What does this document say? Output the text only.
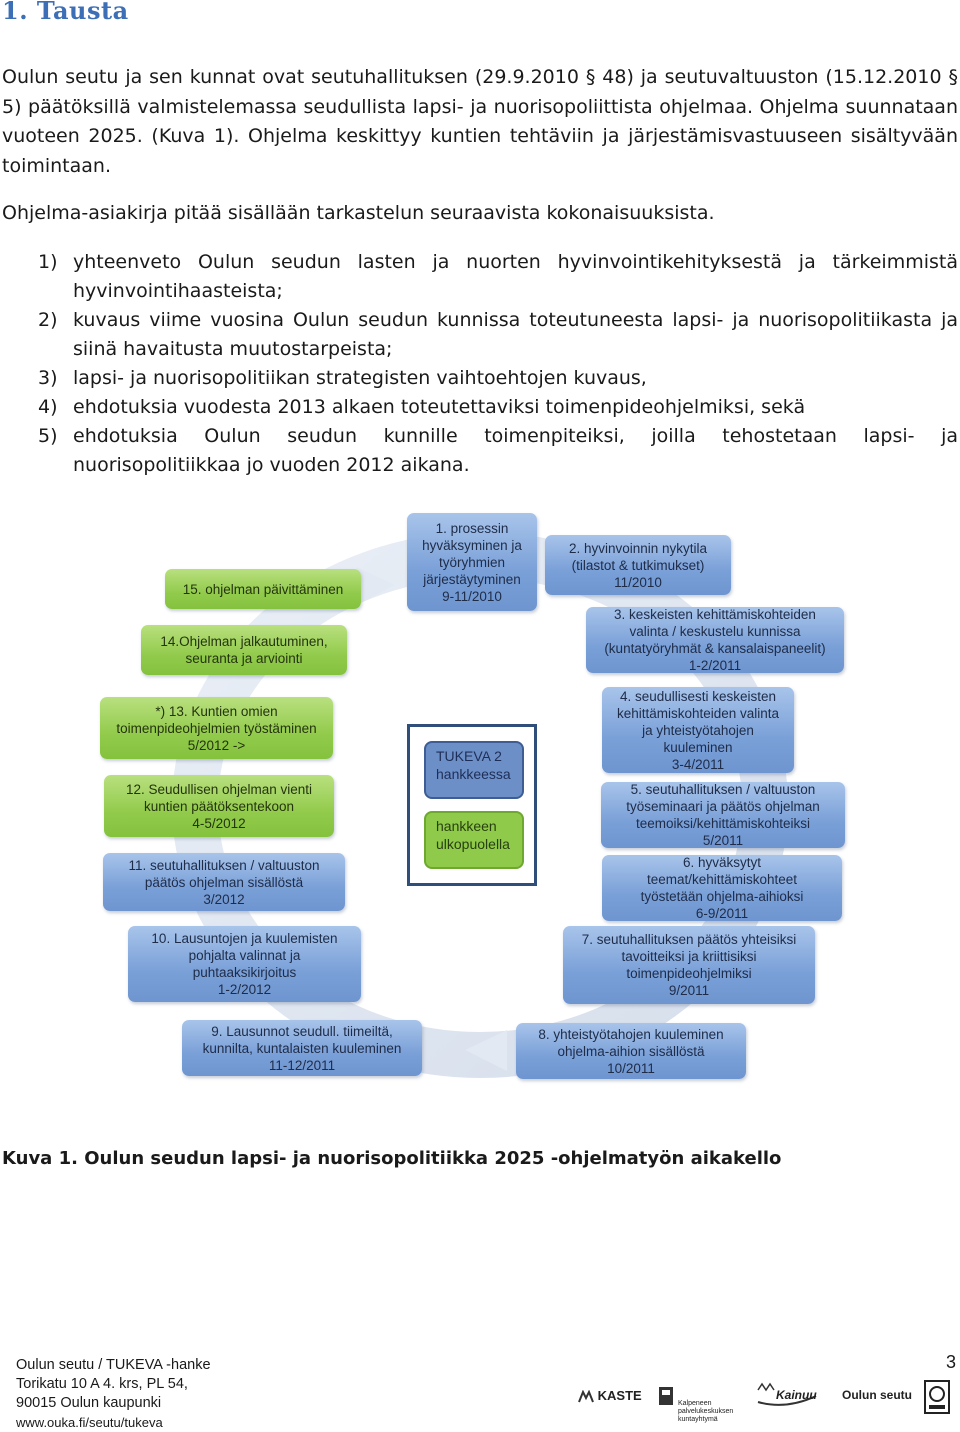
1. Tausta

Oulun seutu ja sen kunnat ovat seutuhallituksen (29.9.2010 § 48) ja seutuvaltuuston (15.12.2010 § 5) päätöksillä valmistelemassa seudullista lapsi- ja nuorisopoliittista ohjelmaa. Ohjelma suunnataan vuoteen 2025. (Kuva 1). Ohjelma keskittyy kuntien tehtäviin ja järjestämisvastuuseen sisältyvään toimintaan.

Ohjelma-asiakirja pitää sisällään tarkastelun seuraavista kokonaisuuksista.

1) yhteenveto Oulun seudun lasten ja nuorten hyvinvointikehityksestä ja tärkeimmistä hyvinvointihaasteista;
2) kuvaus viime vuosina Oulun seudun kunnissa toteutuneesta lapsi- ja nuorisopolitiikasta ja siinä havaitusta muutostarpeista;
3) lapsi- ja nuorisopolitiikan strategisten vaihtoehtojen kuvaus,
4) ehdotuksia vuodesta 2013 alkaen toteutettaviksi toimenpideohjelmiksi, sekä
5) ehdotuksia Oulun seudun kunnille toimenpiteiksi, joilla tehostetaan lapsi- ja nuorisopolitiikkaa jo vuoden 2012 aikana.
1. prosessin
hyväksyminen ja
työryhmien
järjestäytyminen
9-11/2010
2. hyvinvoinnin nykytila
(tilastot & tutkimukset)
11/2010
3. keskeisten kehittämiskohteiden
valinta / keskustelu kunnissa
(kuntatyöryhmät & kansalaispaneelit)
1-2/2011
4. seudullisesti keskeisten
kehittämiskohteiden valinta
ja yhteistyötahojen
kuuleminen
3-4/2011
5. seutuhallituksen / valtuuston
työseminaari ja päätös ohjelman
teemoiksi/kehittämiskohteiksi
5/2011
6. hyväksytyt
teemat/kehittämiskohteet
työstetään ohjelma-aihioksi
6-9/2011
7. seutuhallituksen päätös yhteisiksi
tavoitteiksi ja kriittisiksi
toimenpideohjelmiksi
9/2011
8. yhteistyötahojen kuuleminen
ohjelma-aihion sisällöstä
10/2011
9. Lausunnot seudull. tiimeiltä,
kunnilta, kuntalaisten kuuleminen
11-12/2011
10. Lausuntojen ja kuulemisten
pohjalta valinnat ja
puhtaaksikirjoitus
1-2/2012
11. seutuhallituksen / valtuuston
päätös ohjelman sisällöstä
3/2012
12. Seudullisen ohjelman vienti
kuntien päätöksentekoon
4-5/2012
*) 13. Kuntien omien
toimenpideohjelmien työstäminen
5/2012 ->
14.Ohjelman jalkautuminen,
seuranta ja arviointi
15. ohjelman päivittäminen
TUKEVA 2
hankkeessa
hankkeen
ulkopuolella

Kuva 1. Oulun seudun lapsi- ja nuorisopolitiikka 2025 -ohjelmatyön aikakello

Oulun seutu / TUKEVA -hanke
Torikatu 10 A 4. krs, PL 54,
90015 Oulun kaupunki
www.ouka.fi/seutu/tukeva
3
KASTE

Kalpeneen
palvelukeskuksen
kuntayhtymä

Kainuu Oulun seutu
